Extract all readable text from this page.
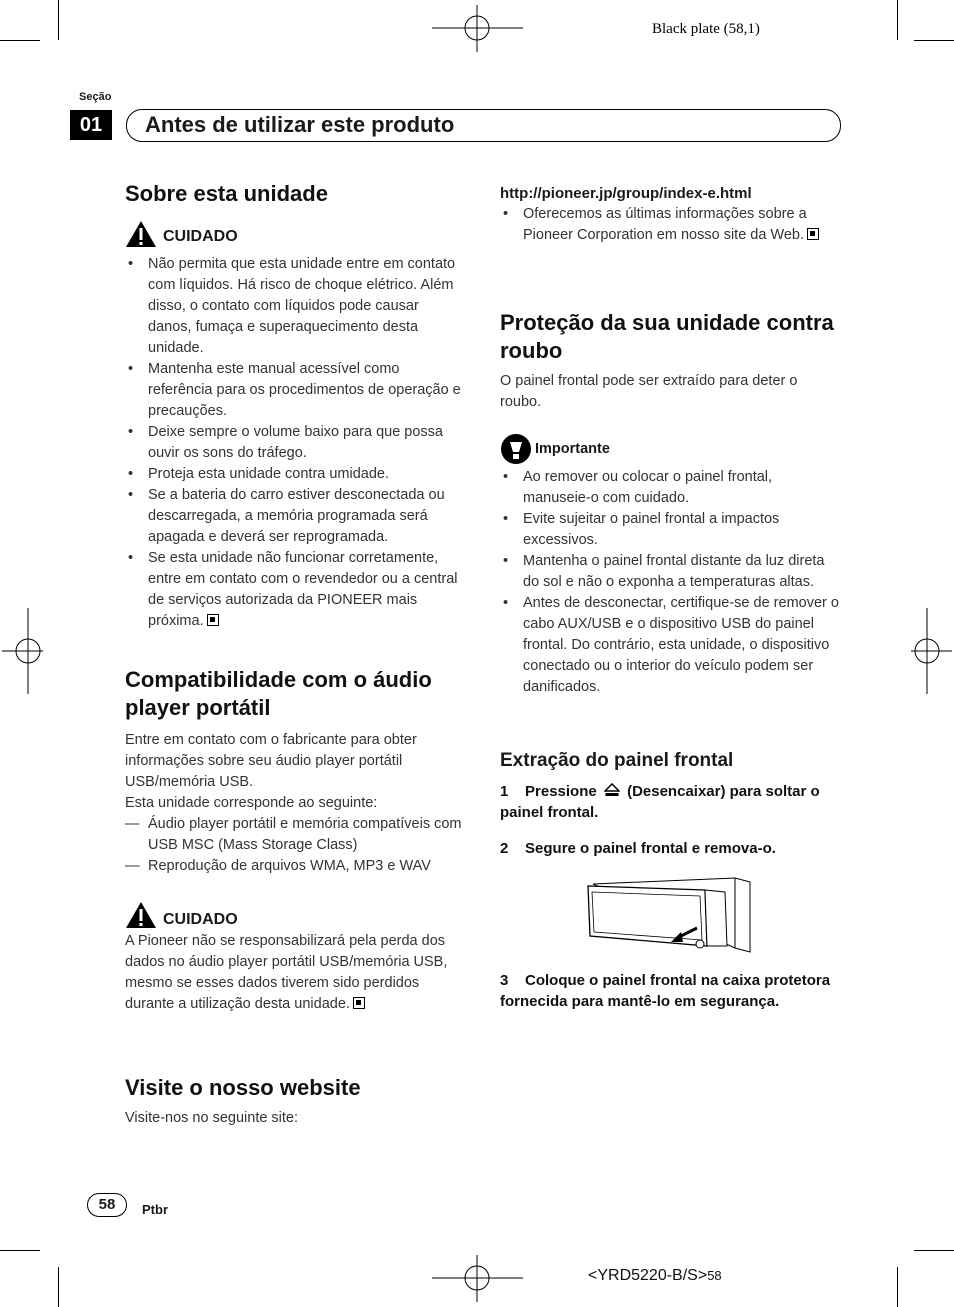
Black plate (58,1)
Seção
01	Antes de utilizar este produto
Sobre esta unidade
CUIDADO
• Não permita que esta unidade entre em contato com líquidos. Há risco de choque elétrico. Além disso, o contato com líquidos pode causar danos, fumaça e superaquecimento desta unidade.
• Mantenha este manual acessível como referência para os procedimentos de operação e precauções.
• Deixe sempre o volume baixo para que possa ouvir os sons do tráfego.
• Proteja esta unidade contra umidade.
• Se a bateria do carro estiver desconectada ou descarregada, a memória programada será apagada e deverá ser reprogramada.
• Se esta unidade não funcionar corretamente, entre em contato com o revendedor ou a central de serviços autorizada da PIONEER mais próxima.
Compatibilidade com o áudio player portátil
Entre em contato com o fabricante para obter informações sobre seu áudio player portátil USB/memória USB.
Esta unidade corresponde ao seguinte:
— Áudio player portátil e memória compatíveis com USB MSC (Mass Storage Class)
— Reprodução de arquivos WMA, MP3 e WAV
CUIDADO
A Pioneer não se responsabilizará pela perda dos dados no áudio player portátil USB/memória USB, mesmo se esses dados tiverem sido perdidos durante a utilização desta unidade.
Visite o nosso website
Visite-nos no seguinte site:
http://pioneer.jp/group/index-e.html
• Oferecemos as últimas informações sobre a Pioneer Corporation em nosso site da Web.
Proteção da sua unidade contra roubo
O painel frontal pode ser extraído para deter o roubo.
Importante
• Ao remover ou colocar o painel frontal, manuseie-o com cuidado.
• Evite sujeitar o painel frontal a impactos excessivos.
• Mantenha o painel frontal distante da luz direta do sol e não o exponha a temperaturas altas.
• Antes de desconectar, certifique-se de remover o cabo AUX/USB e o dispositivo USB do painel frontal. Do contrário, esta unidade, o dispositivo conectado ou o interior do veículo podem ser danificados.
Extração do painel frontal
1 Pressione (Desencaixar) para soltar o painel frontal.
2 Segure o painel frontal e remova-o.
3 Coloque o painel frontal na caixa protetora fornecida para mantê-lo em segurança.
58	Ptbr
<YRD5220-B/S>58
